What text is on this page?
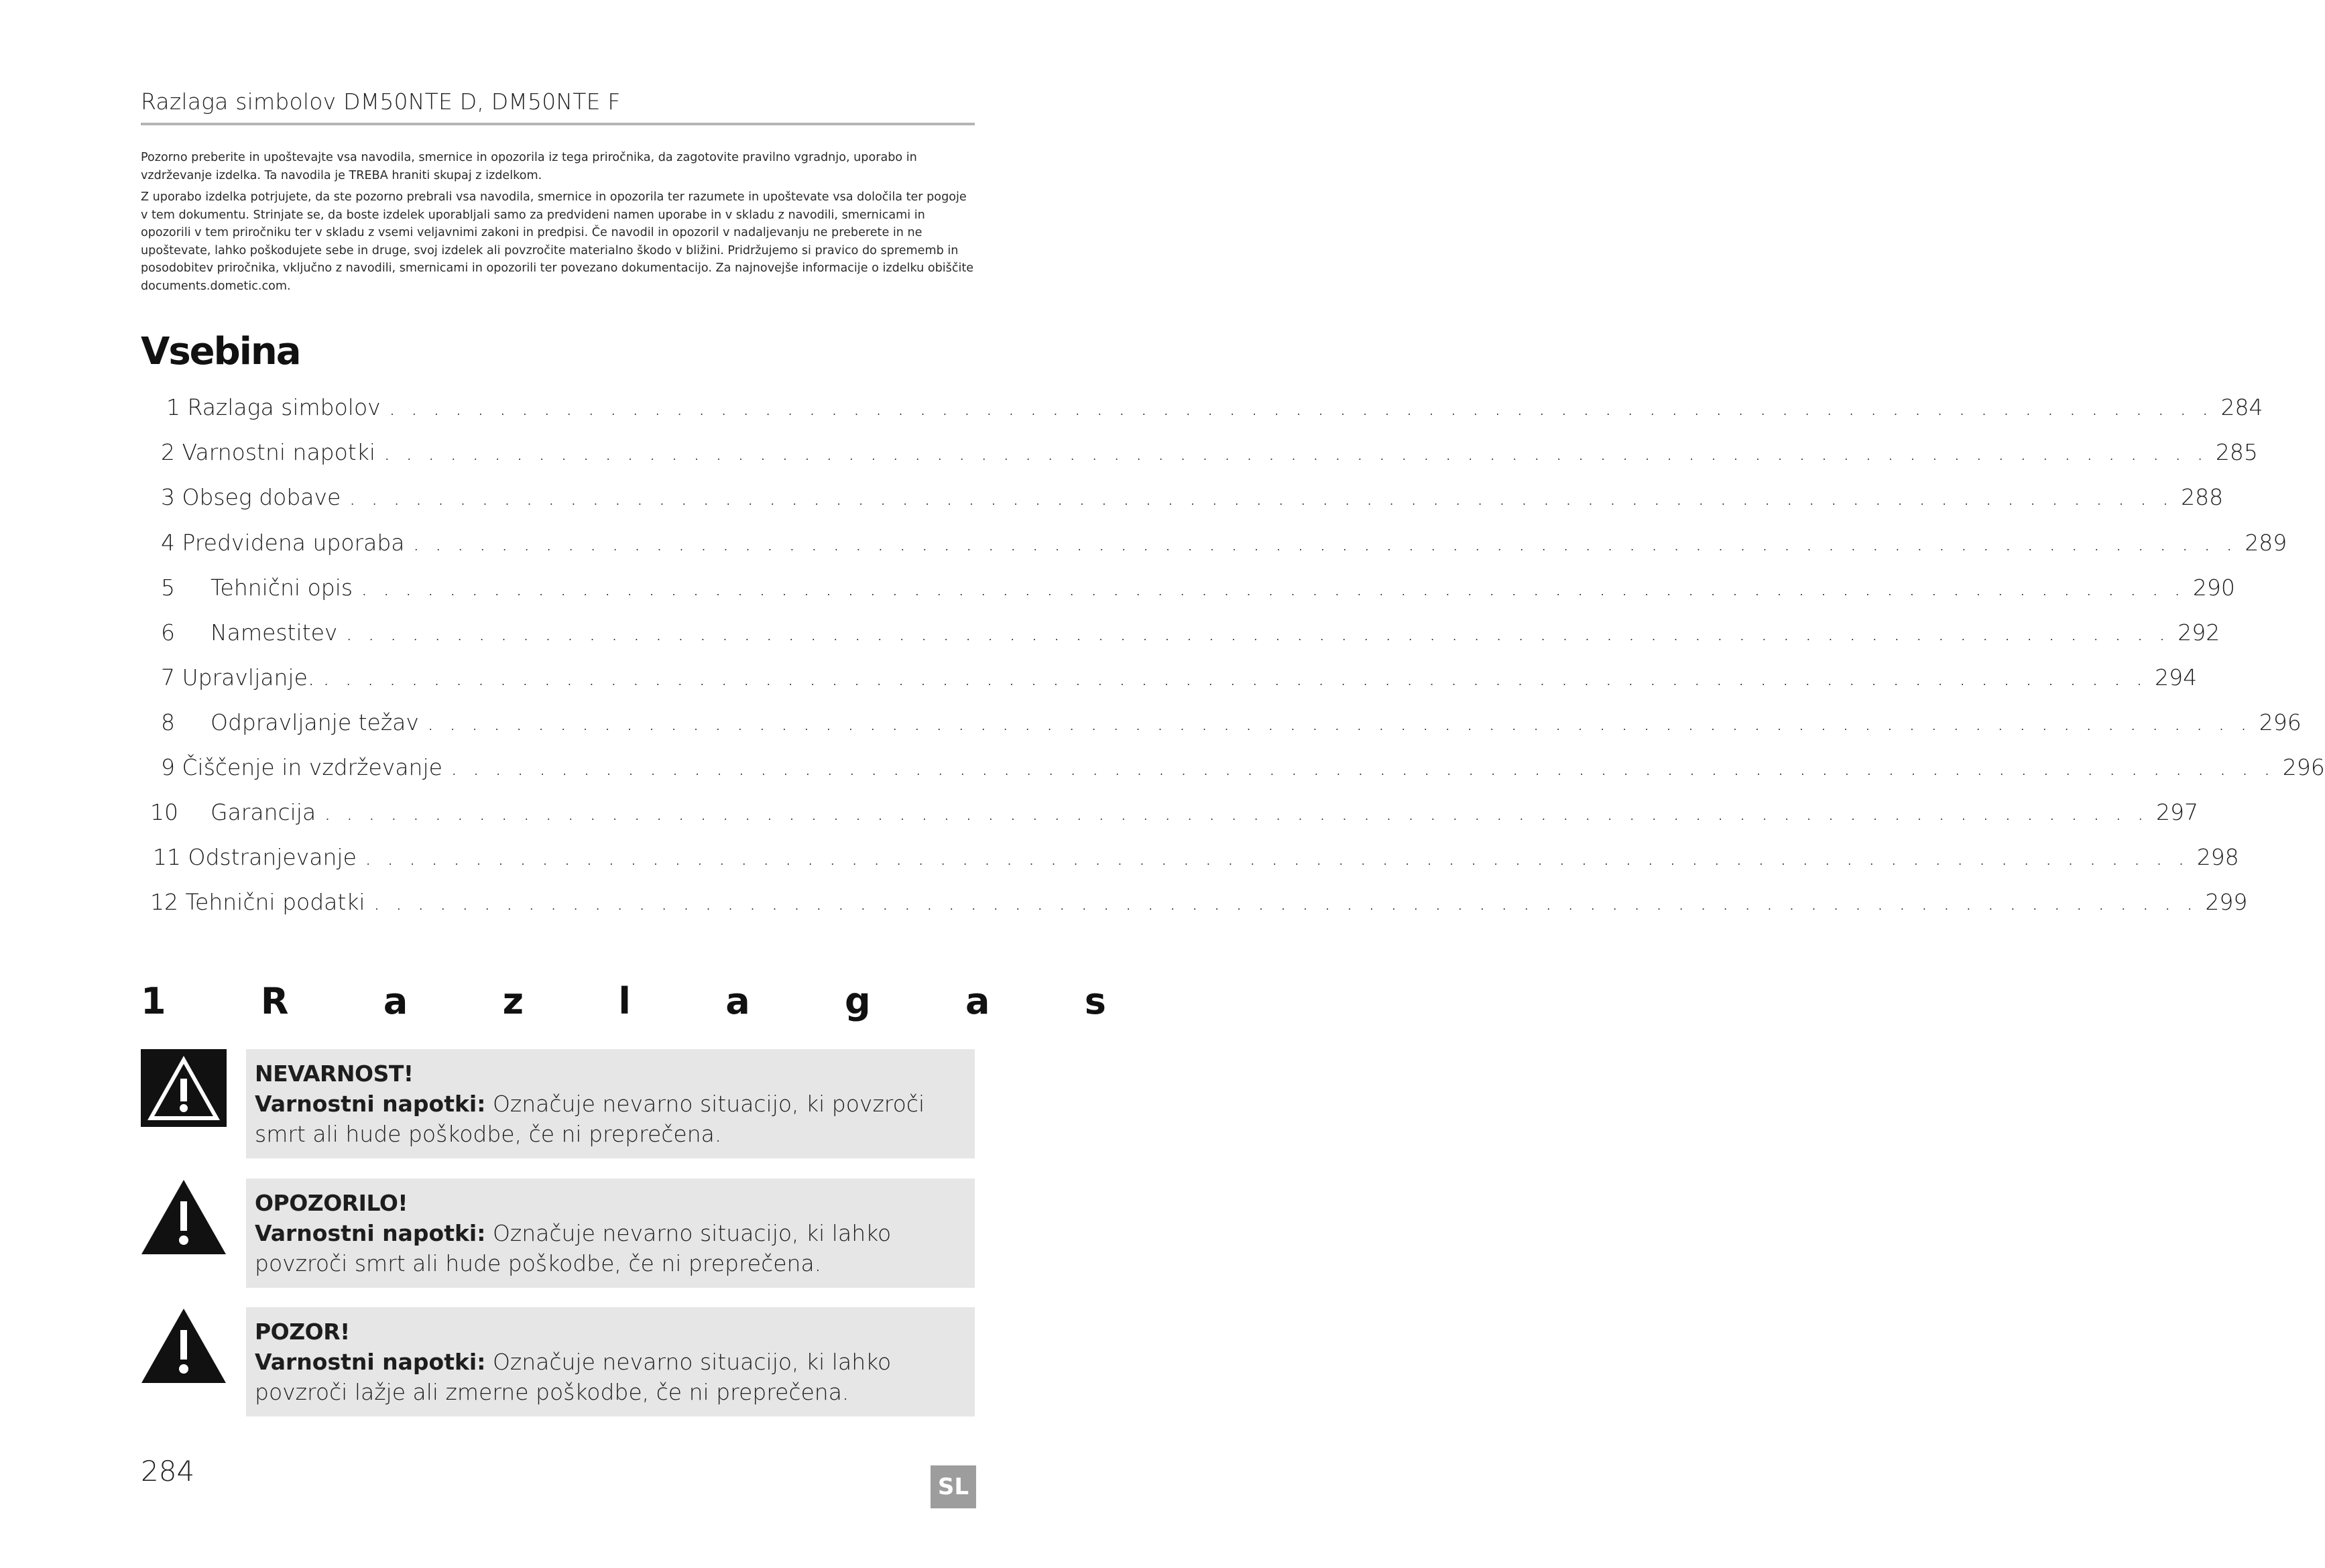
Razlaga simbolov DM50NTE D, DM50NTE F

Pozorno preberite in upoštevajte vsa navodila, smernice in opozorila iz tega priročnika, da zagotovite pravilno vgradnjo, uporabo in vzdrževanje izdelka. Ta navodila je TREBA hraniti skupaj z izdelkom.

Z uporabo izdelka potrjujete, da ste pozorno prebrali vsa navodila, smernice in opozorila ter razumete in upoštevate vsa določila ter pogoje v tem dokumentu. Strinjate se, da boste izdelek uporabljali samo za predvideni namen uporabe in v skladu z navodili, smernicami in opozorili v tem priročniku ter v skladu z vsemi veljavnimi zakoni in predpisi. Če navodil in opozoril v nadaljevanju ne preberete in ne upoštevate, lahko poškodujete sebe in druge, svoj izdelek ali povzročite materialno škodo v bližini. Pridržujemo si pravico do sprememb in posodobitev priročnika, vključno z navodili, smernicami in opozorili ter povezano dokumentacijo. Za najnovejše informacije o izdelku obiščite documents.dometic.com.

Vsebina
1 Razlaga simbolov . . . . . . . . . . . . . . . . . . . . . . . . . . . . . . . . . . . . . . . . . . . . . . . . . . . . . . . . . . . . . . . . . . . . . . . . . . . . . . . . . . . 284
2 Varnostni napotki . . . . . . . . . . . . . . . . . . . . . . . . . . . . . . . . . . . . . . . . . . . . . . . . . . . . . . . . . . . . . . . . . . . . . . . . . . . . . . . . . . . 285
3 Obseg dobave . . . . . . . . . . . . . . . . . . . . . . . . . . . . . . . . . . . . . . . . . . . . . . . . . . . . . . . . . . . . . . . . . . . . . . . . . . . . . . . . . . . 288
4 Predvidena uporaba . . . . . . . . . . . . . . . . . . . . . . . . . . . . . . . . . . . . . . . . . . . . . . . . . . . . . . . . . . . . . . . . . . . . . . . . . . . . . . . . . . . 289
5 Tehnični opis . . . . . . . . . . . . . . . . . . . . . . . . . . . . . . . . . . . . . . . . . . . . . . . . . . . . . . . . . . . . . . . . . . . . . . . . . . . . . . . . . . . 290
6 Namestitev . . . . . . . . . . . . . . . . . . . . . . . . . . . . . . . . . . . . . . . . . . . . . . . . . . . . . . . . . . . . . . . . . . . . . . . . . . . . . . . . . . . 292
7 Upravljanje. . . . . . . . . . . . . . . . . . . . . . . . . . . . . . . . . . . . . . . . . . . . . . . . . . . . . . . . . . . . . . . . . . . . . . . . . . . . . . . . . . . . 294
8 Odpravljanje težav . . . . . . . . . . . . . . . . . . . . . . . . . . . . . . . . . . . . . . . . . . . . . . . . . . . . . . . . . . . . . . . . . . . . . . . . . . . . . . . . . . . 296
9 Čiščenje in vzdrževanje . . . . . . . . . . . . . . . . . . . . . . . . . . . . . . . . . . . . . . . . . . . . . . . . . . . . . . . . . . . . . . . . . . . . . . . . . . . . . . . . . . . 296
10 Garancija . . . . . . . . . . . . . . . . . . . . . . . . . . . . . . . . . . . . . . . . . . . . . . . . . . . . . . . . . . . . . . . . . . . . . . . . . . . . . . . . . . . 297
11 Odstranjevanje . . . . . . . . . . . . . . . . . . . . . . . . . . . . . . . . . . . . . . . . . . . . . . . . . . . . . . . . . . . . . . . . . . . . . . . . . . . . . . . . . . . 298
12 Tehnični podatki . . . . . . . . . . . . . . . . . . . . . . . . . . . . . . . . . . . . . . . . . . . . . . . . . . . . . . . . . . . . . . . . . . . . . . . . . . . . . . . . . . . 299
1	R	a	z	l	a	g	a	s
NEVARNOST!
Varnostni napotki: Označuje nevarno situacijo, ki povzroči smrt ali hude poškodbe, če ni preprečena.
OPOZORILO!
Varnostni napotki: Označuje nevarno situacijo, ki lahko povzroči smrt ali hude poškodbe, če ni preprečena.
POZOR!
Varnostni napotki: Označuje nevarno situacijo, ki lahko povzroči lažje ali zmerne poškodbe, če ni preprečena.
284	SL
